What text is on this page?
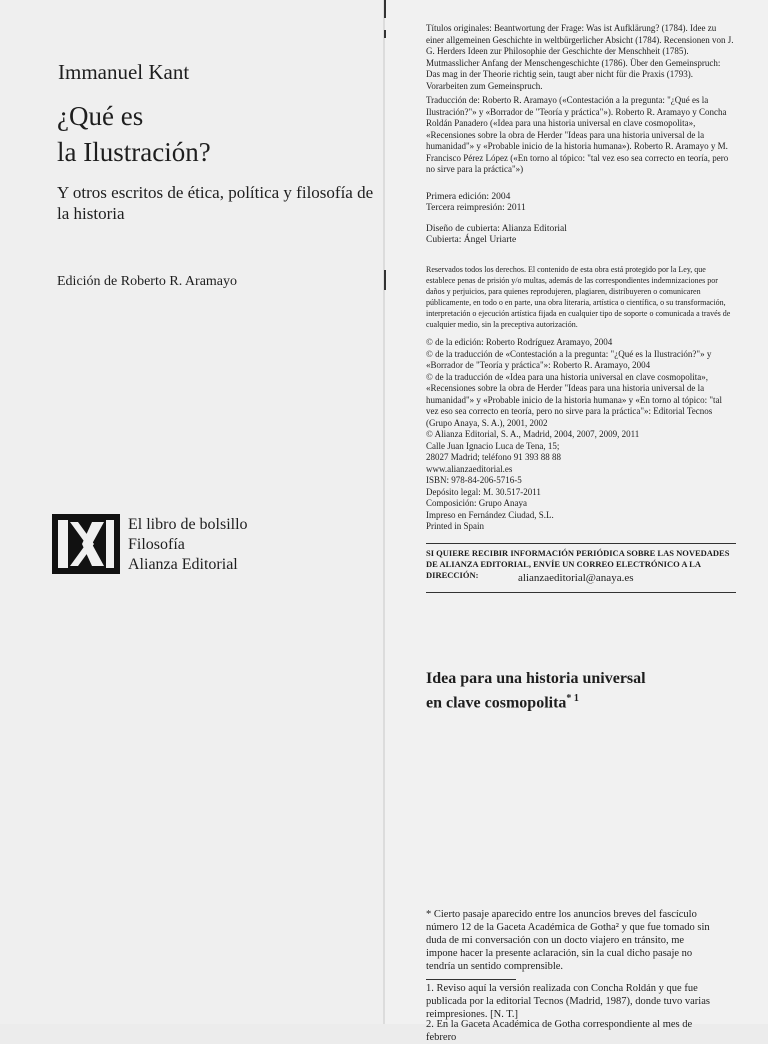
Immanuel Kant
¿Qué es
la Ilustración?
Y otros escritos de ética, política y filosofía de la historia
Edición de Roberto R. Aramayo
El libro de bolsillo
Filosofía
Alianza Editorial
Títulos originales: Beantwortung der Frage: Was ist Aufklärung? (1784). Idee zu einer allgemeinen Geschichte in weltbürgerlicher Absicht (1784). Recensionen von J. G. Herders Ideen zur Philosophie der Geschichte der Menschheit (1785). Mutmasslicher Anfang der Menschengeschichte (1786). Über den Gemeinspruch: Das mag in der Theorie richtig sein, taugt aber nicht für die Praxis (1793). Vorarbeiten zum Gemeinspruch.
Traducción de: Roberto R. Aramayo («Contestación a la pregunta: "¿Qué es la Ilustración?"» y «Borrador de "Teoría y práctica"»). Roberto R. Aramayo y Concha Roldán Panadero («Idea para una historia universal en clave cosmopolita», «Recensiones sobre la obra de Herder "Ideas para una historia universal de la humanidad"» y «Probable inicio de la historia humana»). Roberto R. Aramayo y M. Francisco Pérez López («En torno al tópico: "tal vez eso sea correcto en teoría, pero no sirve para la práctica"»)
Primera edición: 2004
Tercera reimpresión: 2011
Diseño de cubierta: Alianza Editorial
Cubierta: Ángel Uriarte
Reservados todos los derechos. El contenido de esta obra está protegido por la Ley, que establece penas de prisión y/o multas, además de las correspondientes indemnizaciones por daños y perjuicios, para quienes reprodujeren, plagiaren, distribuyeren o comunicaren públicamente, en todo o en parte, una obra literaria, artística o científica, o su transformación, interpretación o ejecución artística fijada en cualquier tipo de soporte o comunicada a través de cualquier medio, sin la preceptiva autorización.
© de la edición: Roberto Rodríguez Aramayo, 2004
© de la traducción de «Contestación a la pregunta: "¿Qué es la Ilustración?"» y «Borrador de "Teoría y práctica"»: Roberto R. Aramayo, 2004
© de la traducción de «Idea para una historia universal en clave cosmopolita», «Recensiones sobre la obra de Herder "Ideas para una historia universal de la humanidad"» y «Probable inicio de la historia humana» y «En torno al tópico: "tal vez eso sea correcto en teoría, pero no sirve para la práctica"»: Editorial Tecnos (Grupo Anaya, S. A.), 2001, 2002
© Alianza Editorial, S. A., Madrid, 2004, 2007, 2009, 2011
Calle Juan Ignacio Luca de Tena, 15;
28027 Madrid; teléfono 91 393 88 88
www.alianzaeditorial.es
ISBN: 978-84-206-5716-5
Depósito legal: M. 30.517-2011
Composición: Grupo Anaya
Impreso en Fernández Ciudad, S.L.
Printed in Spain
SI QUIERE RECIBIR INFORMACIÓN PERIÓDICA SOBRE LAS NOVEDADES DE ALIANZA EDITORIAL, ENVÍE UN CORREO ELECTRÓNICO A LA DIRECCIÓN:	alianzaeditorial@anaya.es
Idea para una historia universal
en clave cosmopolita$^{* 1}$
* Cierto pasaje aparecido entre los anuncios breves del fascículo número 12 de la Gaceta Académica de Gotha² y que fue tomado sin duda de mi conversación con un docto viajero en tránsito, me impone hacer la presente aclaración, sin la cual dicho pasaje no tendría un sentido comprensible.
1. Reviso aquí la versión realizada con Concha Roldán y que fue publicada por la editorial Tecnos (Madrid, 1987), donde tuvo varias reimpresiones. [N. T.]
2. En la Gaceta Académica de Gotha correspondiente al mes de febrero
